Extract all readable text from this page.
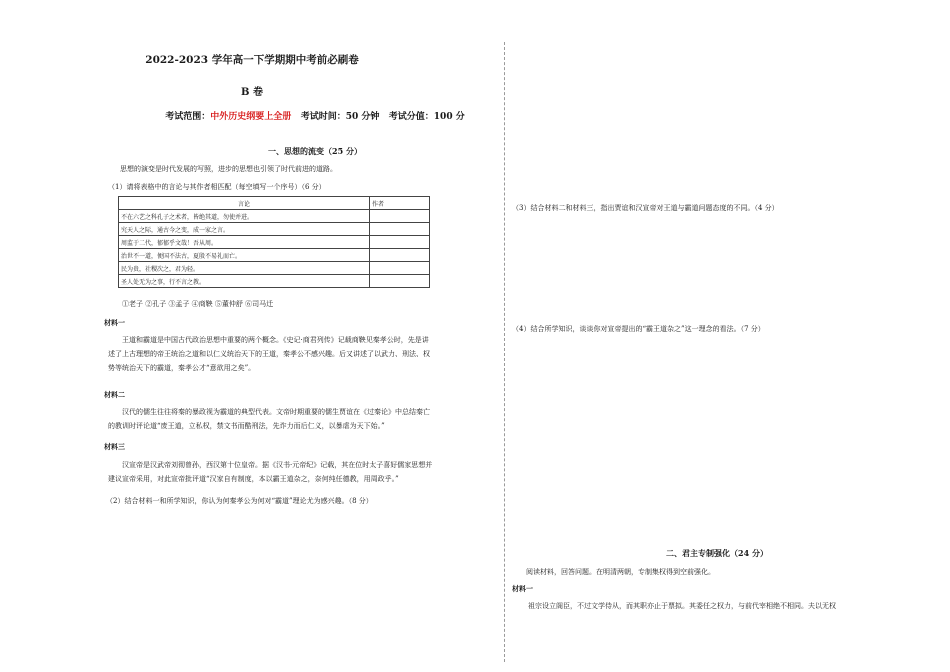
2022-2023 学年高一下学期期中考前必刷卷
B 卷
考试范围：中外历史纲要上全册 考试时间：50 分钟 考试分值：100 分
一、思想的流变（25 分）
思想的演变是时代发展的写照，进步的思想也引领了时代前进的道路。
（1）请将表格中的言论与其作者相匹配（每空填写一个序号）（6 分）
言论	作者
不在六艺之科孔子之术者，皆绝其道，勿使并进。	
究天人之际，通古今之变，成一家之言。	
周监于二代，郁郁乎文哉！吾从周。	
治世不一道，便国不法古，夏殷不易礼而亡。	
民为贵，社稷次之，君为轻。	
圣人处无为之事，行不言之教。	
①老子 ②孔子 ③孟子 ④商鞅 ⑤董仲舒 ⑥司马迁
材料一
王道和霸道是中国古代政治思想中重要的两个概念。《史记·商君列传》记载商鞅见秦孝公时，先是讲
述了上古理想的帝王统治之道和以仁义统治天下的王道，秦孝公不感兴趣。后又讲述了以武力、刑法、权
势等统治天下的霸道，秦孝公才“意欲用之矣”。
材料二
汉代的儒生往往将秦的暴政视为霸道的典型代表。文帝时期重要的儒生贾谊在《过秦论》中总结秦亡
的教训时评论道“废王道，立私权，禁文书而酷刑法，先诈力而后仁义，以暴虐为天下始。”
材料三
汉宣帝是汉武帝刘彻曾孙，西汉第十位皇帝。据《汉书·元帝纪》记载，其在位时太子喜好儒家思想并
建议宣帝采用，对此宣帝批评道“汉家自有制度，本以霸王道杂之，奈何纯任德教，用周政乎。”
（2）结合材料一和所学知识，你认为何秦孝公为何对“霸道”理论尤为感兴趣。（8 分）
（3）结合材料二和材料三，指出贾谊和汉宣帝对王道与霸道问题态度的不同。（4 分）
（4）结合所学知识，谈谈你对宣帝提出的“霸王道杂之”这一理念的看法。（7 分）
二、君主专制强化（24 分）
阅读材料，回答问题。在明清两朝，专制集权得到空前强化。
材料一
祖宗设立阁臣，不过文学侍从，而其职亦止于票拟。其委任之权力，与前代宰相绝不相同。夫以无权
